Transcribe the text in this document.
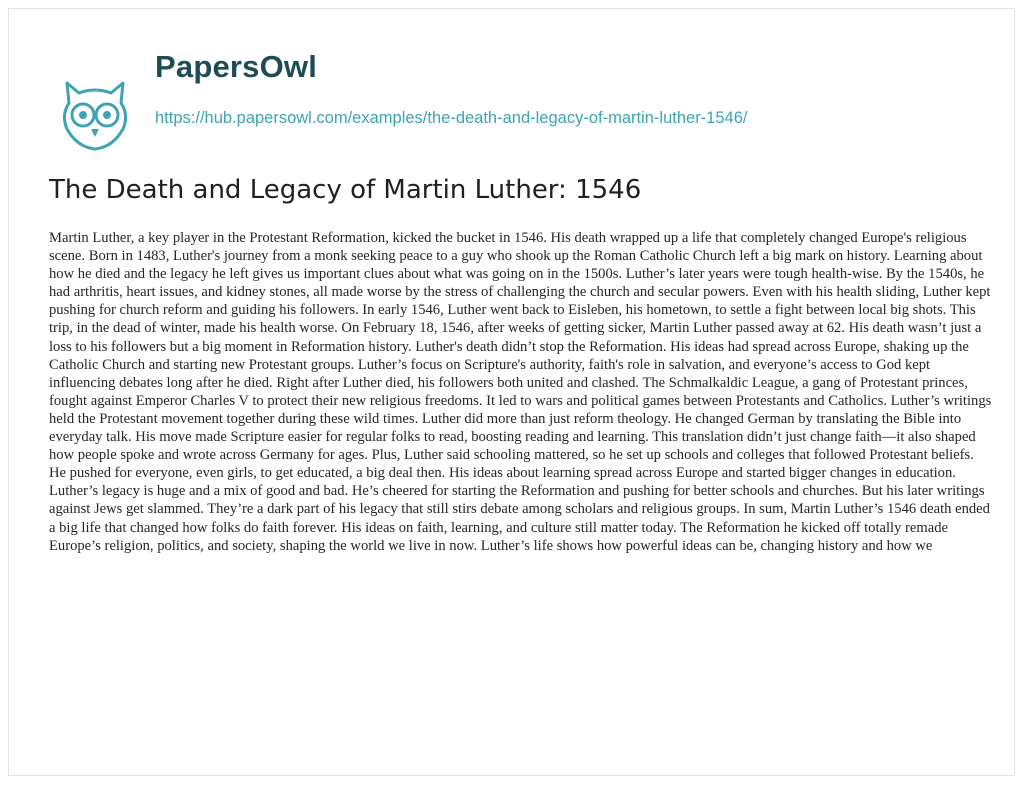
PapersOwl
https://hub.papersowl.com/examples/the-death-and-legacy-of-martin-luther-1546/
The Death and Legacy of Martin Luther: 1546

Martin Luther, a key player in the Protestant Reformation, kicked the bucket in 1546. His death wrapped up a life that completely changed Europe's religious scene. Born in 1483, Luther's journey from a monk seeking peace to a guy who shook up the Roman Catholic Church left a big mark on history. Learning about how he died and the legacy he left gives us important clues about what was going on in the 1500s. Luther’s later years were tough health-wise. By the 1540s, he had arthritis, heart issues, and kidney stones, all made worse by the stress of challenging the church and secular powers. Even with his health sliding, Luther kept pushing for church reform and guiding his followers. In early 1546, Luther went back to Eisleben, his hometown, to settle a fight between local big shots. This trip, in the dead of winter, made his health worse. On February 18, 1546, after weeks of getting sicker, Martin Luther passed away at 62. His death wasn’t just a loss to his followers but a big moment in Reformation history. Luther's death didn’t stop the Reformation. His ideas had spread across Europe, shaking up the Catholic Church and starting new Protestant groups. Luther’s focus on Scripture's authority, faith's role in salvation, and everyone’s access to God kept influencing debates long after he died. Right after Luther died, his followers both united and clashed. The Schmalkaldic League, a gang of Protestant princes, fought against Emperor Charles V to protect their new religious freedoms. It led to wars and political games between Protestants and Catholics. Luther’s writings held the Protestant movement together during these wild times. Luther did more than just reform theology. He changed German by translating the Bible into everyday talk. His move made Scripture easier for regular folks to read, boosting reading and learning. This translation didn’t just change faith—it also shaped how people spoke and wrote across Germany for ages. Plus, Luther said schooling mattered, so he set up schools and colleges that followed Protestant beliefs. He pushed for everyone, even girls, to get educated, a big deal then. His ideas about learning spread across Europe and started bigger changes in education. Luther’s legacy is huge and a mix of good and bad. He’s cheered for starting the Reformation and pushing for better schools and churches. But his later writings against Jews get slammed. They’re a dark part of his legacy that still stirs debate among scholars and religious groups. In sum, Martin Luther’s 1546 death ended a big life that changed how folks do faith forever. His ideas on faith, learning, and culture still matter today. The Reformation he kicked off totally remade Europe’s religion, politics, and society, shaping the world we live in now. Luther’s life shows how powerful ideas can be, changing history and how we
